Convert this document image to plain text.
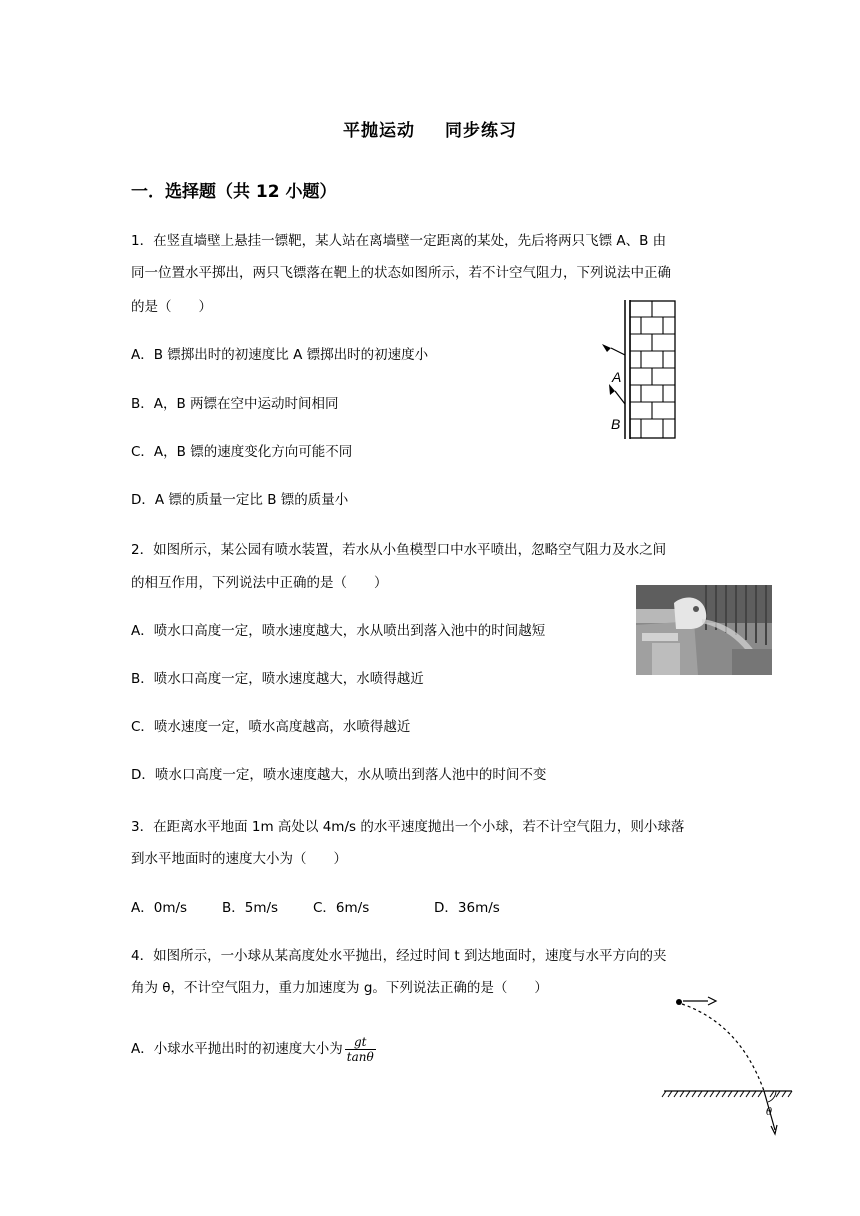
平抛运动 同步练习
一．选择题（共 12 小题）
1．在竖直墙壁上悬挂一镖靶，某人站在离墙壁一定距离的某处，先后将两只飞镖 A、B 由
同一位置水平掷出，两只飞镖落在靶上的状态如图所示，若不计空气阻力，下列说法中正确
的是（　　）
A．B 镖掷出时的初速度比 A 镖掷出时的初速度小
B．A，B 两镖在空中运动时间相同
C．A，B 镖的速度变化方向可能不同
D．A 镖的质量一定比 B 镖的质量小
A
B
2．如图所示，某公园有喷水装置，若水从小鱼模型口中水平喷出，忽略空气阻力及水之间
的相互作用，下列说法中正确的是（　　）
A．喷水口高度一定，喷水速度越大，水从喷出到落入池中的时间越短
B．喷水口高度一定，喷水速度越大，水喷得越近
C．喷水速度一定，喷水高度越高，水喷得越近
D．喷水口高度一定，喷水速度越大，水从喷出到落人池中的时间不变
3．在距离水平地面 1m 高处以 4m/s 的水平速度抛出一个小球，若不计空气阻力，则小球落
到水平地面时的速度大小为（　　）
A．0m/s	B．5m/s	C．6m/s	D．36m/s
4．如图所示，一小球从某高度处水平抛出，经过时间 t 到达地面时，速度与水平方向的夹
角为 θ，不计空气阻力，重力加速度为 g。下列说法正确的是（　　）
A．小球水平抛出时的初速度大小为 $\frac{gt}{\tan\theta}$
θ
